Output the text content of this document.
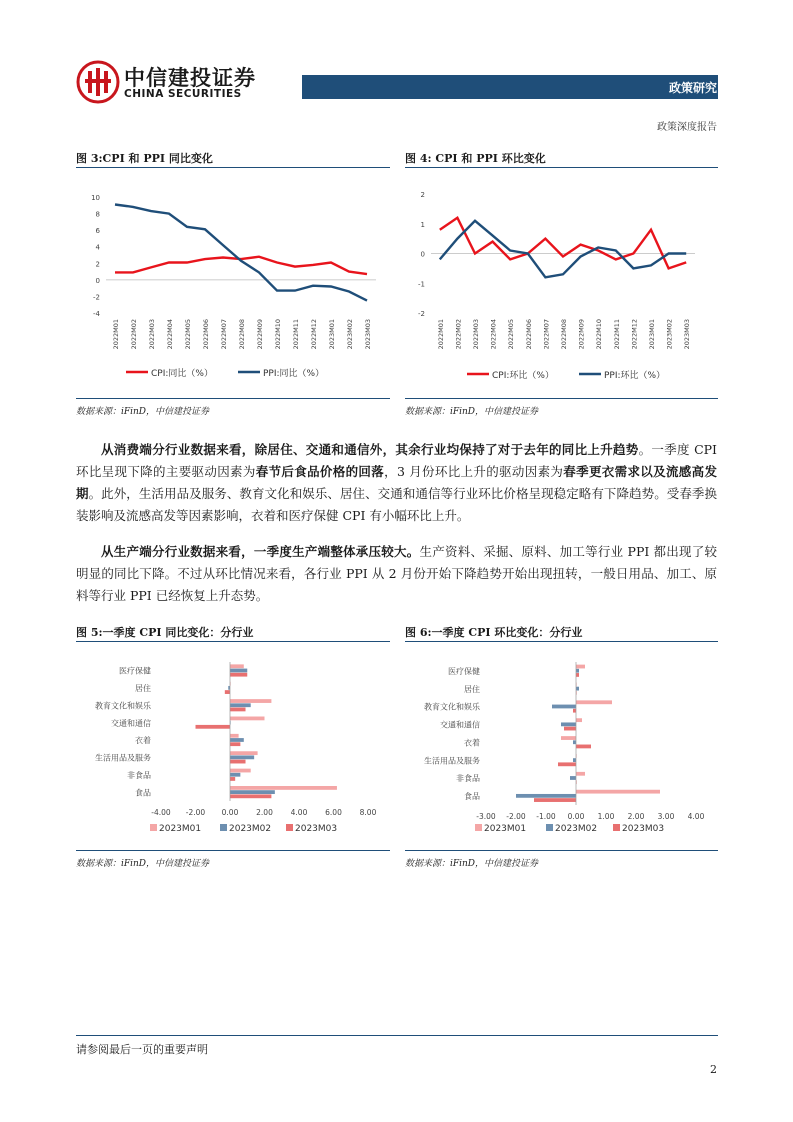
中信建投证券
CHINA SECURITIES	政策研究
政策深度报告
图 3:CPI 和 PPI 同比变化
10
8
6
4
2
0
-2
-4
2022M01 2022M02 2022M03 2022M04 2022M05 2022M06 2022M07 2022M08 2022M09 2022M10 2022M11 2022M12 2023M01 2023M02 2023M03
CPI:同比（%）	PPI:同比（%）
数据来源：iFinD，中信建投证券
图 4: CPI 和 PPI 环比变化
2
1
0
-1
-2
2022M01 2022M02 2022M03 2022M04 2022M05 2022M06 2022M07 2022M08 2022M09 2022M10 2022M11 2022M12 2023M01 2023M02 2023M03
CPI:环比（%）	PPI:环比（%）
数据来源：iFinD，中信建投证券
从消费端分行业数据来看，除居住、交通和通信外，其余行业均保持了对于去年的同比上升趋势。一季度 CPI 环比呈现下降的主要驱动因素为春节后食品价格的回落，3 月份环比上升的驱动因素为春季更衣需求以及流感高发期。此外，生活用品及服务、教育文化和娱乐、居住、交通和通信等行业环比价格呈现稳定略有下降趋势。受春季换装影响及流感高发等因素影响，衣着和医疗保健 CPI 有小幅环比上升。
从生产端分行业数据来看，一季度生产端整体承压较大。生产资料、采掘、原料、加工等行业 PPI 都出现了较明显的同比下降。不过从环比情况来看，各行业 PPI 从 2 月份开始下降趋势开始出现扭转，一般日用品、加工、原料等行业 PPI 已经恢复上升态势。
图 5:一季度 CPI 同比变化：分行业
医疗保健
居住
教育文化和娱乐
交通和通信
衣着
生活用品及服务
非食品
食品
-4.00 -2.00 0.00 2.00 4.00 6.00 8.00
2023M01	2023M02	2023M03
数据来源：iFinD，中信建投证券
图 6:一季度 CPI 环比变化：分行业
医疗保健
居住
教育文化和娱乐
交通和通信
衣着
生活用品及服务
非食品
食品
-3.00 -2.00 -1.00 0.00 1.00 2.00 3.00 4.00
2023M01	2023M02	2023M03
数据来源：iFinD，中信建投证券
请参阅最后一页的重要声明
2
